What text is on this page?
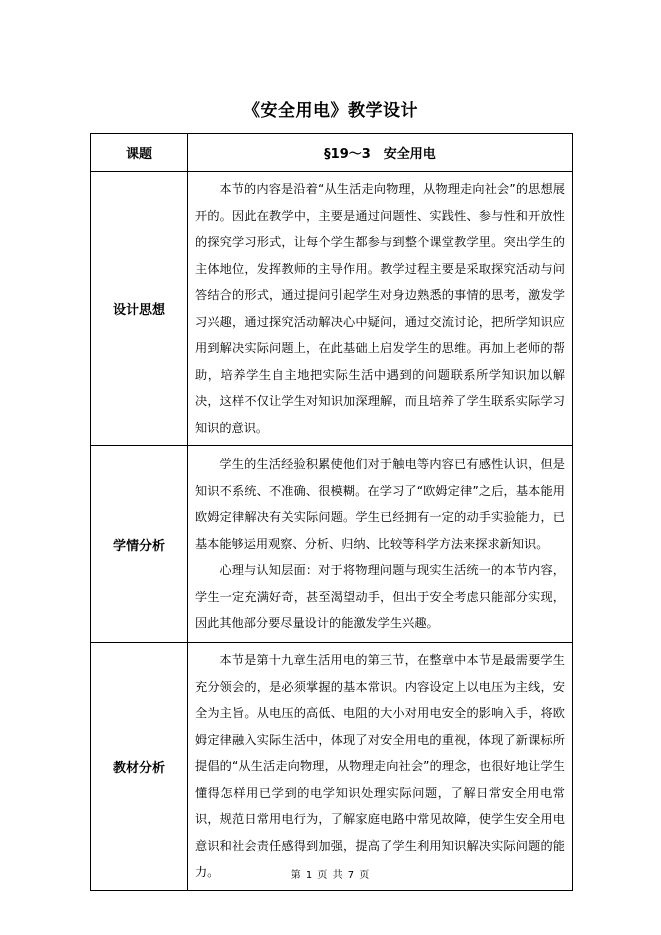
《安全用电》教学设计
课题	§19～3　安全用电
设计思想	本节的内容是沿着“从生活走向物理，从物理走向社会”的思想展开的。因此在教学中，主要是通过问题性、实践性、参与性和开放性的探究学习形式，让每个学生都参与到整个课堂教学里。突出学生的主体地位，发挥教师的主导作用。教学过程主要是采取探究活动与问答结合的形式，通过提问引起学生对身边熟悉的事情的思考，激发学习兴趣，通过探究活动解决心中疑问，通过交流讨论，把所学知识应用到解决实际问题上，在此基础上启发学生的思维。再加上老师的帮助，培养学生自主地把实际生活中遇到的问题联系所学知识加以解决，这样不仅让学生对知识加深理解，而且培养了学生联系实际学习知识的意识。

学情分析	学生的生活经验积累使他们对于触电等内容已有感性认识，但是知识不系统、不准确、很模糊。在学习了“欧姆定律”之后，基本能用欧姆定律解决有关实际问题。学生已经拥有一定的动手实验能力，已基本能够运用观察、分析、归纳、比较等科学方法来探求新知识。

心理与认知层面：对于将物理问题与现实生活统一的本节内容，学生一定充满好奇，甚至渴望动手，但出于安全考虑只能部分实现，因此其他部分要尽量设计的能激发学生兴趣。

教材分析	本节是第十九章生活用电的第三节，在整章中本节是最需要学生充分领会的，是必须掌握的基本常识。内容设定上以电压为主线，安全为主旨。从电压的高低、电阻的大小对用电安全的影响入手，将欧姆定律融入实际生活中，体现了对安全用电的重视，体现了新课标所提倡的“从生活走向物理，从物理走向社会”的理念，也很好地让学生懂得怎样用已学到的电学知识处理实际问题，了解日常安全用电常识，规范日常用电行为，了解家庭电路中常见故障，使学生安全用电意识和社会责任感得到加强，提高了学生利用知识解决实际问题的能力。	第 1 页 共 7 页
